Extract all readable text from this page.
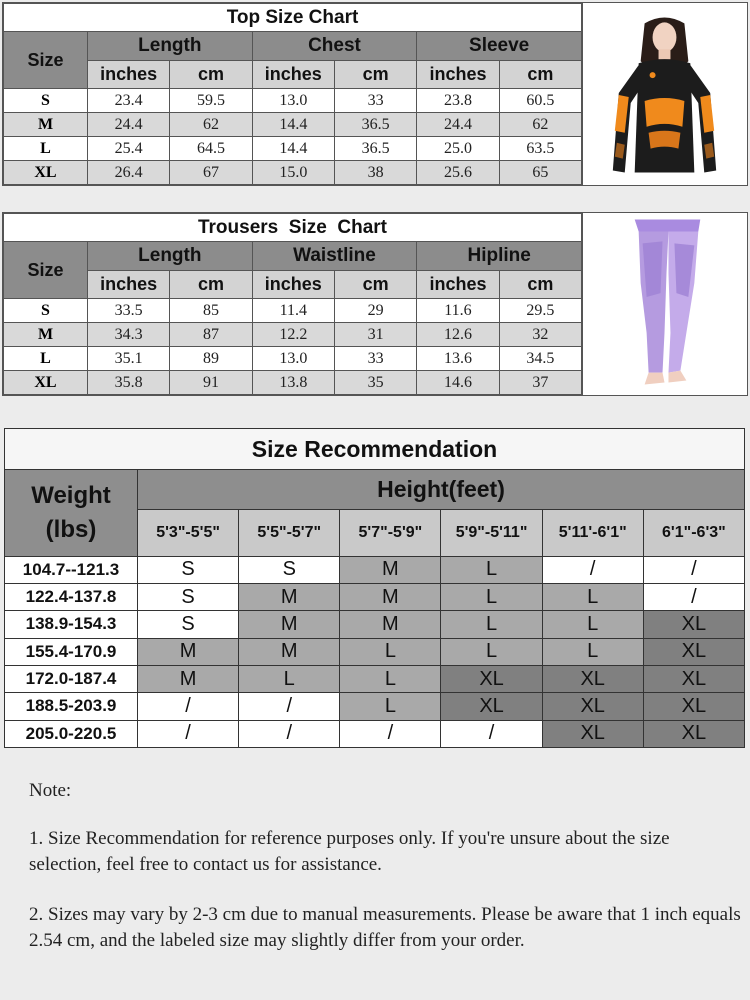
Top Size Chart						
Size	Length		Chest		Sleeve	
	inches	cm	inches	cm	inches	cm
S	23.4	59.5	13.0	33	23.8	60.5
M	24.4	62	14.4	36.5	24.4	62
L	25.4	64.5	14.4	36.5	25.0	63.5
XL	26.4	67	15.0	38	25.6	65
Trousers  Size  Chart						
Size	Length		Waistline		Hipline	
	inches	cm	inches	cm	inches	cm
S	33.5	85	11.4	29	11.6	29.5
M	34.3	87	12.2	31	12.6	32
L	35.1	89	13.0	33	13.6	34.5
XL	35.8	91	13.8	35	14.6	37
Size Recommendation						

Weight
(lbs)	Height(feet)					
	5'3"-5'5"	5'5"-5'7"	5'7"-5'9"	5'9"-5'11"	5'11'-6'1"	6'1"-6'3"
104.7--121.3	S	S	M	L	/	/
122.4-137.8	S	M	M	L	L	/
138.9-154.3	S	M	M	L	L	XL
155.4-170.9	M	M	L	L	L	XL
172.0-187.4	M	L	L	XL	XL	XL
188.5-203.9	/	/	L	XL	XL	XL
205.0-220.5	/	/	/	/	XL	XL

Note:

1. Size Recommendation for reference purposes only. If you're unsure about the size selection, feel free to contact us for assistance.

2. Sizes may vary by 2-3 cm due to manual measurements. Please be aware that 1 inch equals 2.54 cm, and the labeled size may slightly differ from your order.
